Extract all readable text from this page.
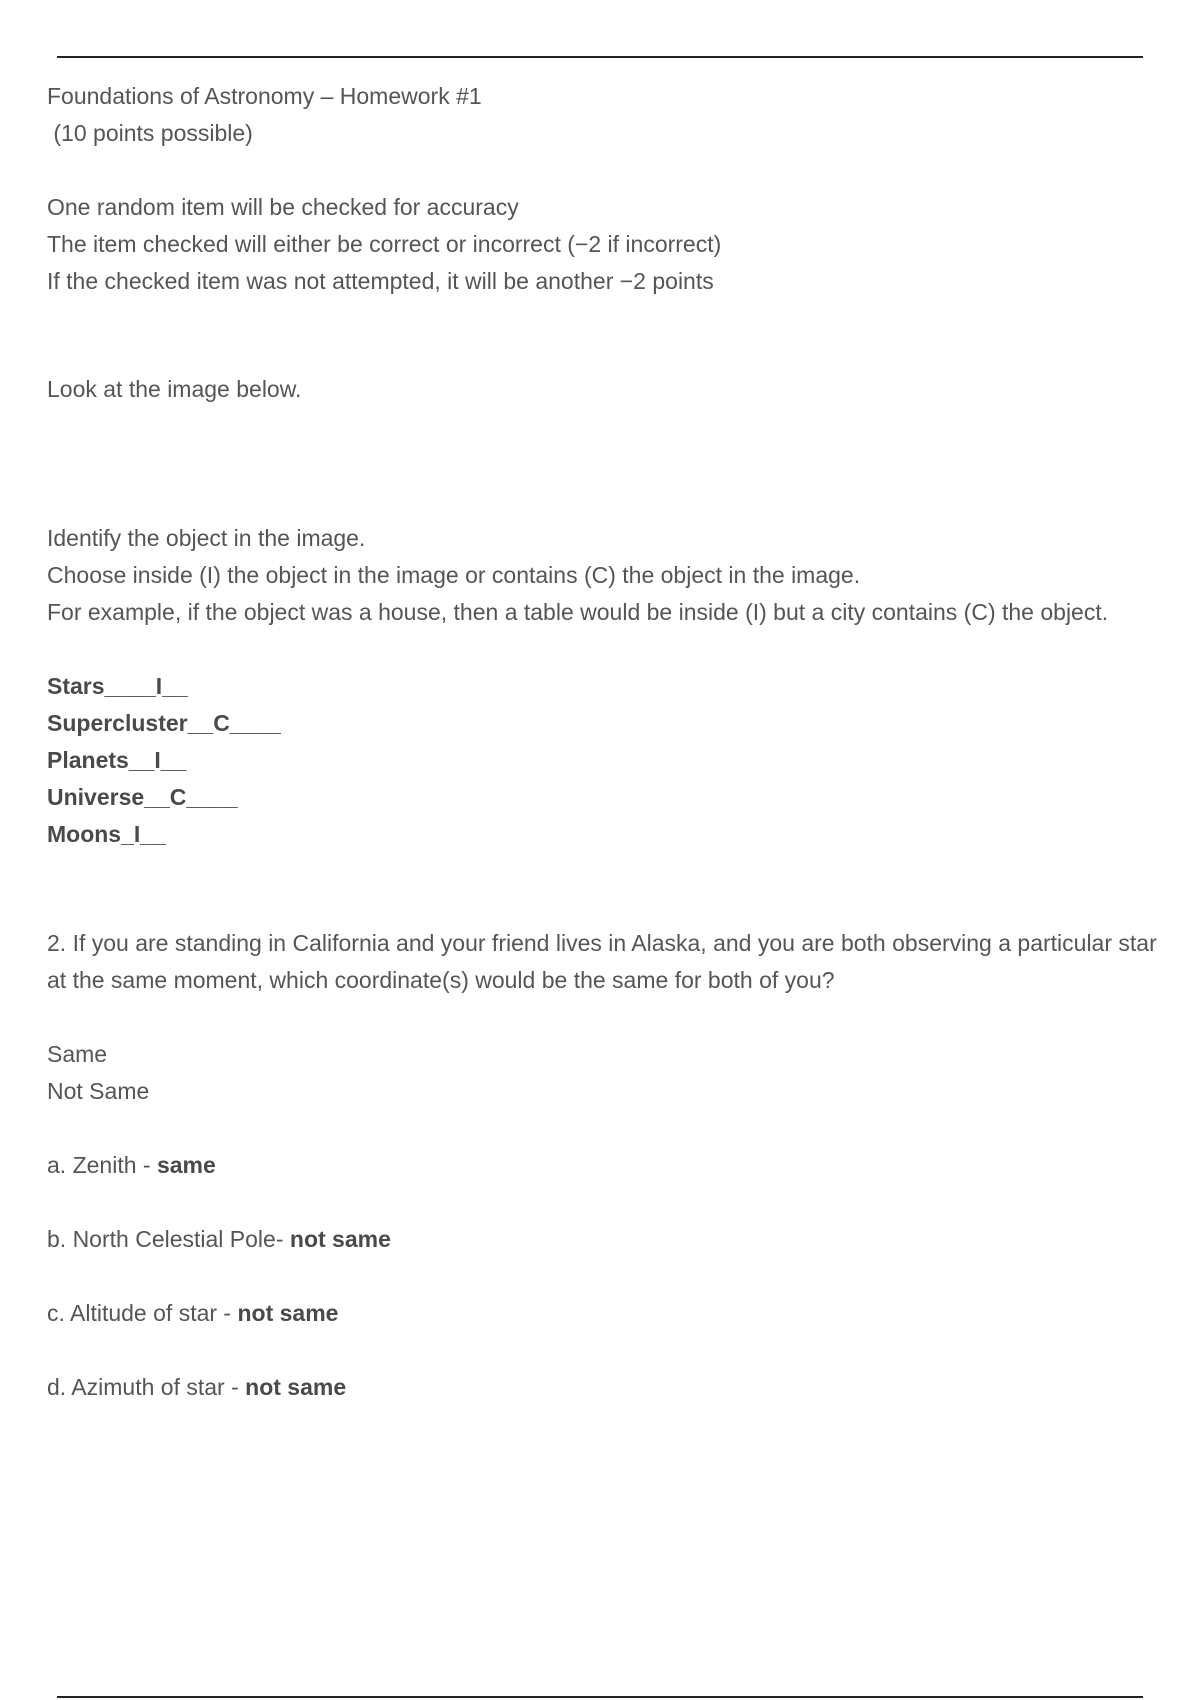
Foundations of Astronomy – Homework #1
(10 points possible)
One random item will be checked for accuracy
The item checked will either be correct or incorrect (−2 if incorrect)
If the checked item was not attempted, it will be another −2 points
Look at the image below.
Identify the object in the image.
Choose inside (I) the object in the image or contains (C) the object in the image.
For example, if the object was a house, then a table would be inside (I) but a city contains (C) the object.
Stars____I__
Supercluster__C____
Planets__I__
Universe__C____
Moons_I__
2. If you are standing in California and your friend lives in Alaska, and you are both observing a particular star at the same moment, which coordinate(s) would be the same for both of you?
Same
Not Same
a. Zenith - same
b. North Celestial Pole- not same
c. Altitude of star - not same
d. Azimuth of star - not same
